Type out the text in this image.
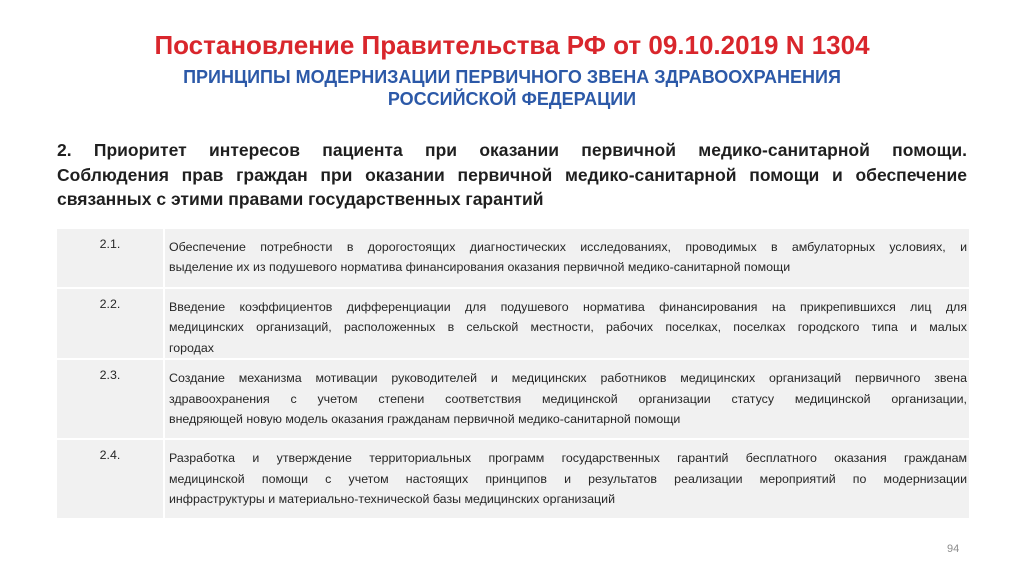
Постановление Правительства РФ от 09.10.2019 N 1304
ПРИНЦИПЫ МОДЕРНИЗАЦИИ ПЕРВИЧНОГО ЗВЕНА ЗДРАВООХРАНЕНИЯ
РОССИЙСКОЙ ФЕДЕРАЦИИ
2. Приоритет интересов пациента при оказании первичной медико-санитарной помощи.
Соблюдения прав граждан при оказании первичной медико-санитарной помощи и обеспечение
связанных с этими правами государственных гарантий
2.1.	Обеспечение потребности в дорогостоящих диагностических исследованиях, проводимых в амбулаторных условиях, и
выделение их из подушевого норматива финансирования оказания первичной медико-санитарной помощи

2.2.	Введение коэффициентов дифференциации для подушевого норматива финансирования на прикрепившихся лиц для
медицинских организаций, расположенных в сельской местности, рабочих поселках, поселках городского типа и малых
городах

2.3.	Создание механизма мотивации руководителей и медицинских работников медицинских организаций первичного звена
здравоохранения с учетом степени соответствия медицинской организации статусу медицинской организации,
внедряющей новую модель оказания гражданам первичной медико-санитарной помощи

2.4.	Разработка и утверждение территориальных программ государственных гарантий бесплатного оказания гражданам
медицинской помощи с учетом настоящих принципов и результатов реализации мероприятий по модернизации
инфраструктуры и материально-технической базы медицинских организаций
94
